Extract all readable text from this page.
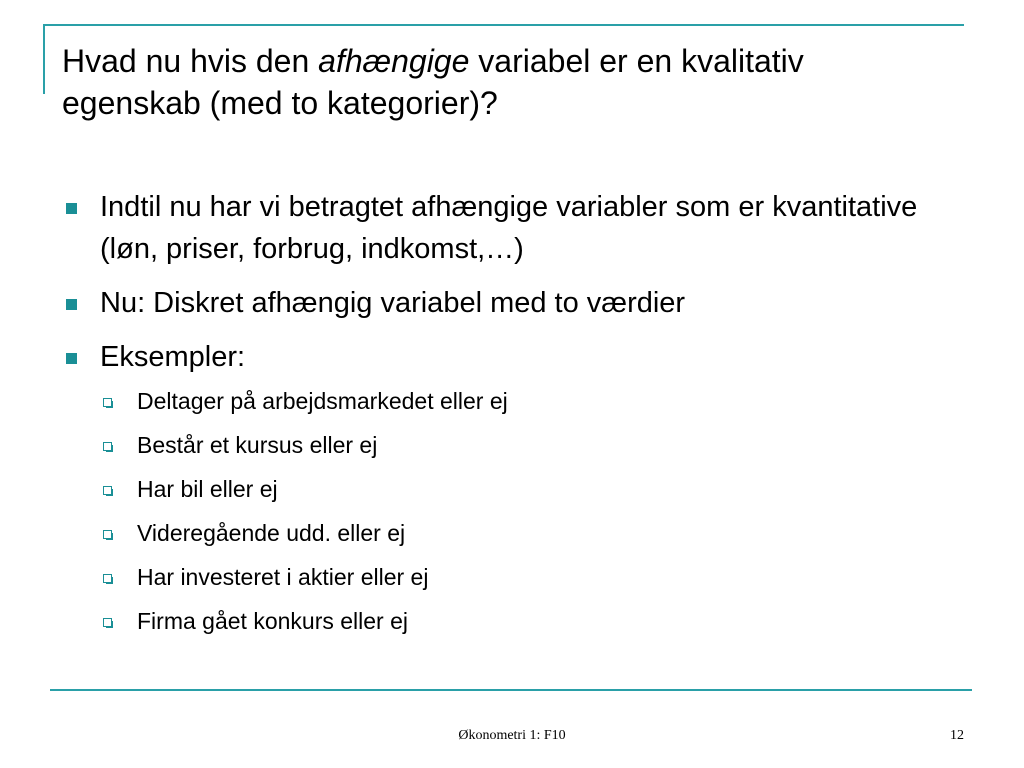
Hvad nu hvis den afhængige variabel er en kvalitativ egenskab (med to kategorier)?
Indtil nu har vi betragtet afhængige variabler som er kvantitative (løn, priser, forbrug, indkomst,…)
Nu: Diskret afhængig variabel med to værdier
Eksempler:
Deltager på arbejdsmarkedet eller ej
Består et kursus eller ej
Har bil eller ej
Videregående udd. eller ej
Har investeret i aktier eller ej
Firma gået konkurs eller ej
Økonometri 1: F10	12
